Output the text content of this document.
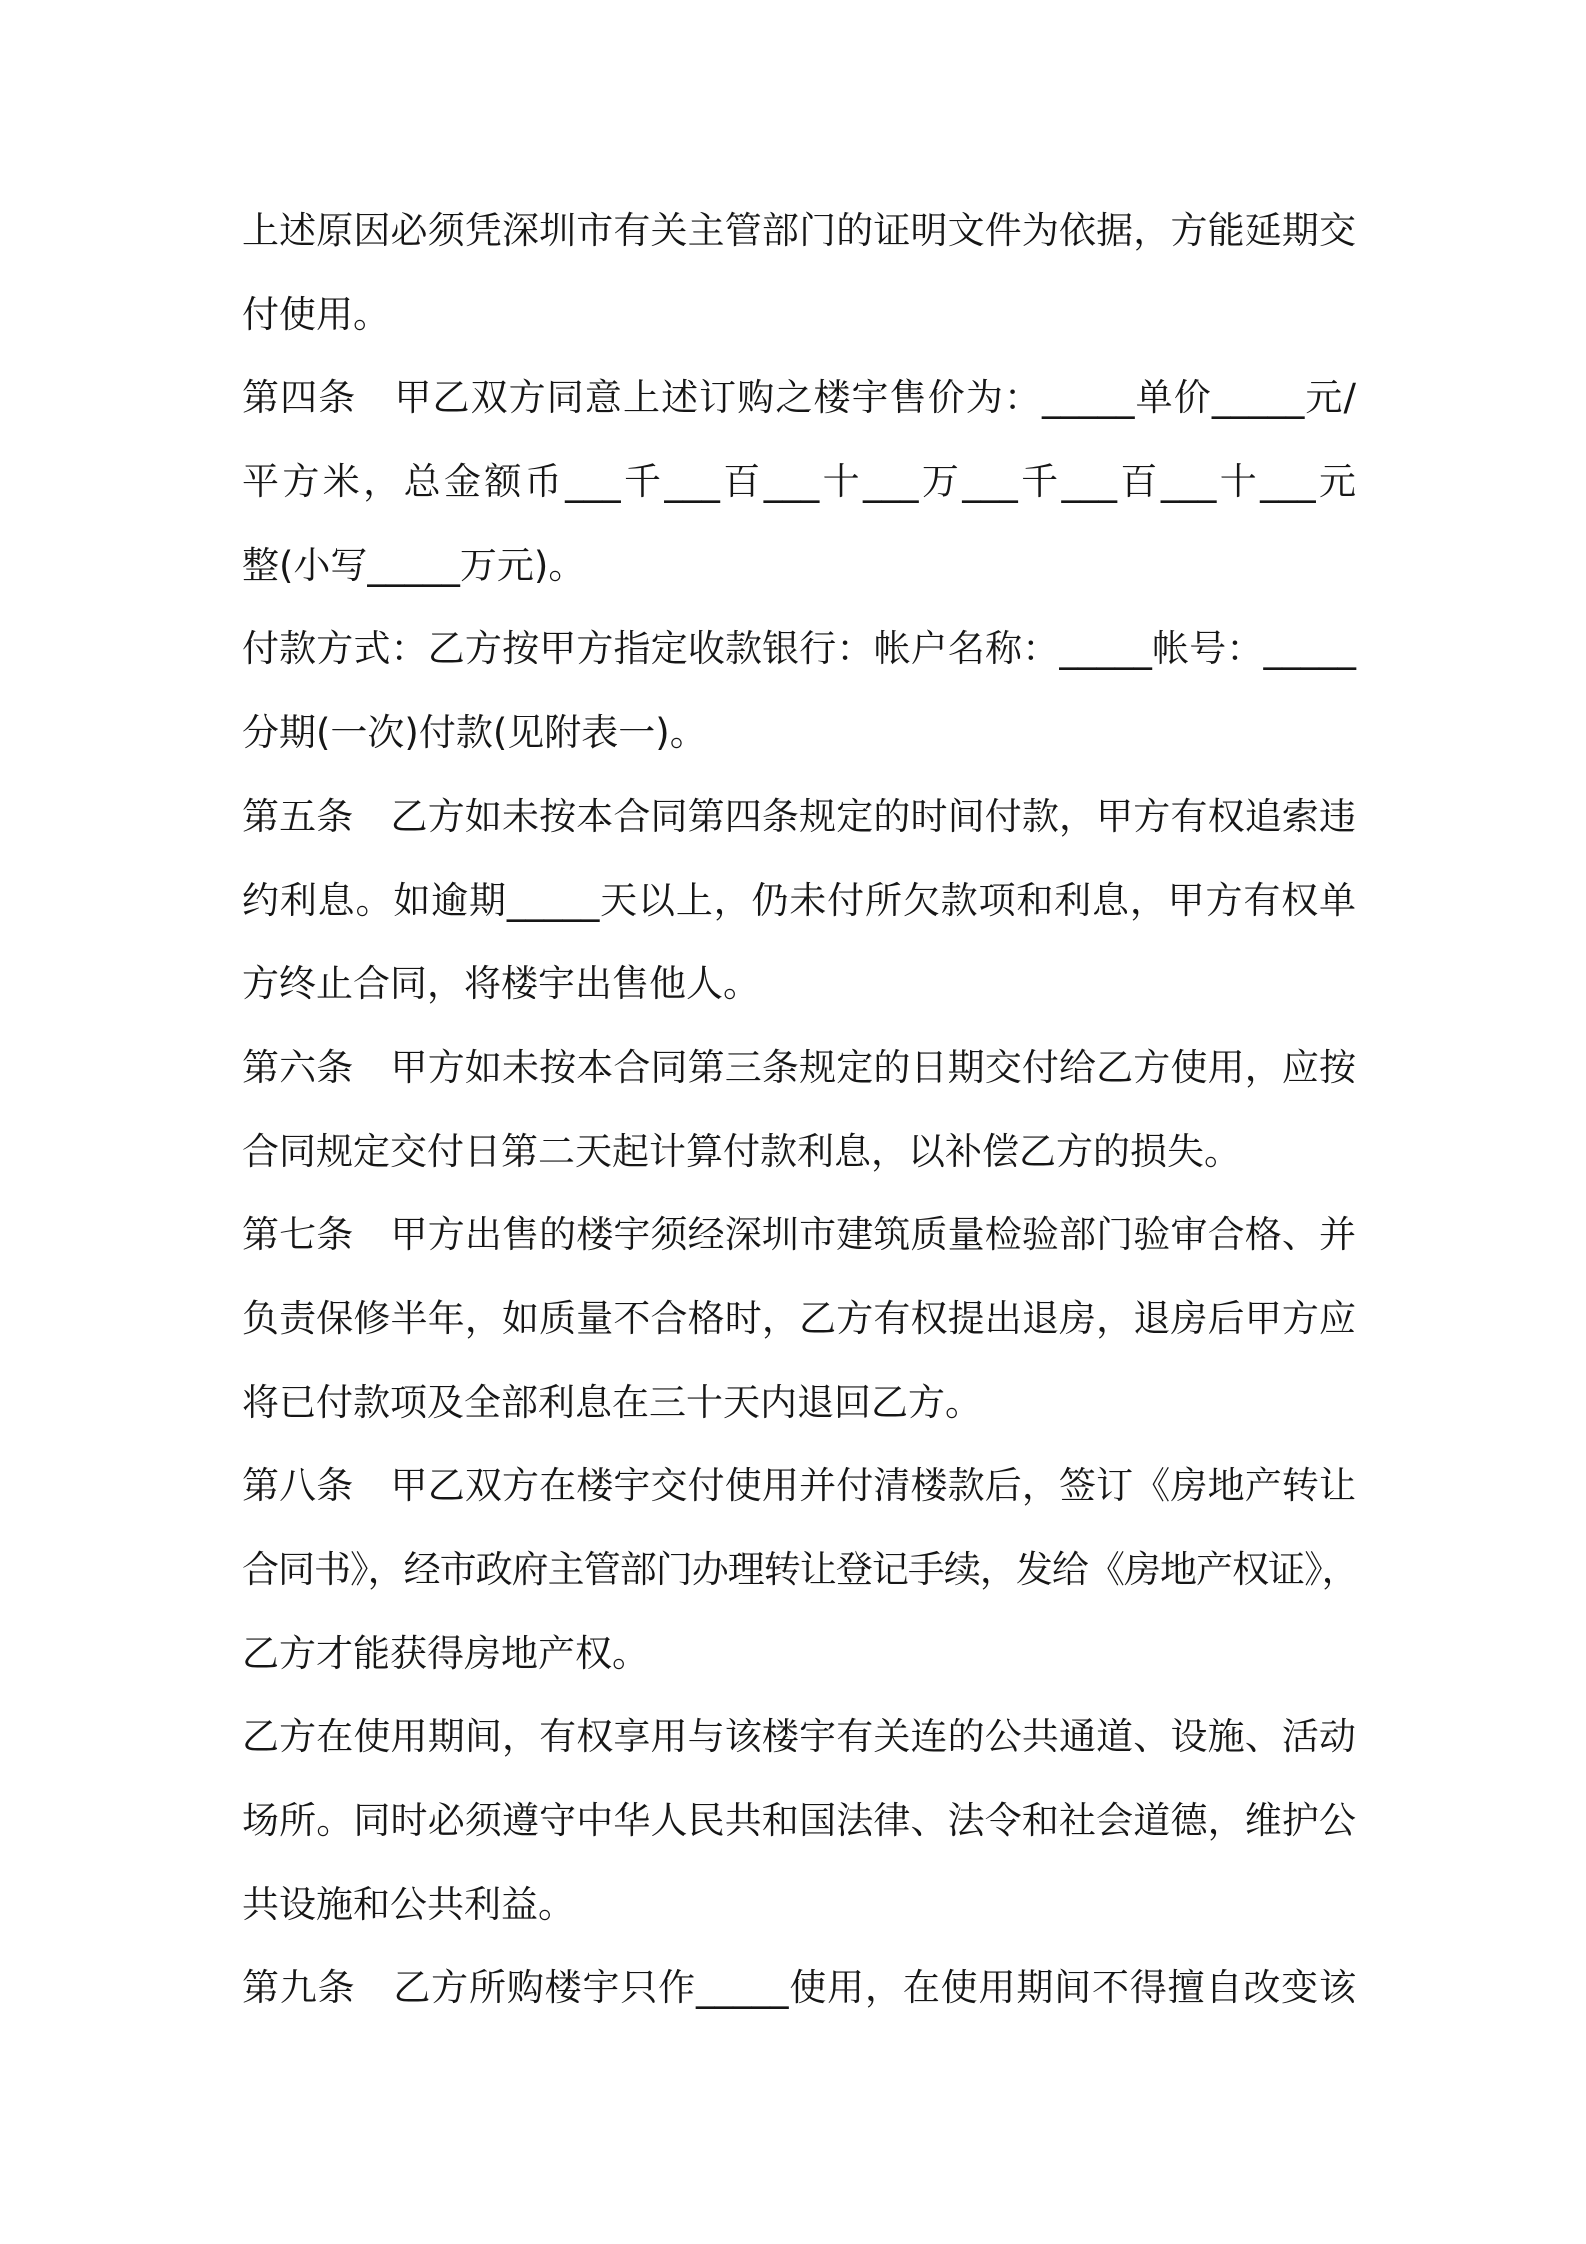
上述原因必须凭深圳市有关主管部门的证明文件为依据，方能延期交
付使用。
第四条　甲乙双方同意上述订购之楼宇售价为：_____单价_____元/
平方米，总金额币___千___百___十___万___千___百___十___元
整(小写_____万元)。
付款方式：乙方按甲方指定收款银行：帐户名称：_____帐号：_____
分期(一次)付款(见附表一)。
第五条　乙方如未按本合同第四条规定的时间付款，甲方有权追索违
约利息。如逾期_____天以上，仍未付所欠款项和利息，甲方有权单
方终止合同，将楼宇出售他人。
第六条　甲方如未按本合同第三条规定的日期交付给乙方使用，应按
合同规定交付日第二天起计算付款利息，以补偿乙方的损失。
第七条　甲方出售的楼宇须经深圳市建筑质量检验部门验审合格、并
负责保修半年，如质量不合格时，乙方有权提出退房，退房后甲方应
将已付款项及全部利息在三十天内退回乙方。
第八条　甲乙双方在楼宇交付使用并付清楼款后，签订《房地产转让
合同书》，经市政府主管部门办理转让登记手续，发给《房地产权证》，
乙方才能获得房地产权。
乙方在使用期间，有权享用与该楼宇有关连的公共通道、设施、活动
场所。同时必须遵守中华人民共和国法律、法令和社会道德，维护公
共设施和公共利益。
第九条　乙方所购楼宇只作_____使用，在使用期间不得擅自改变该
